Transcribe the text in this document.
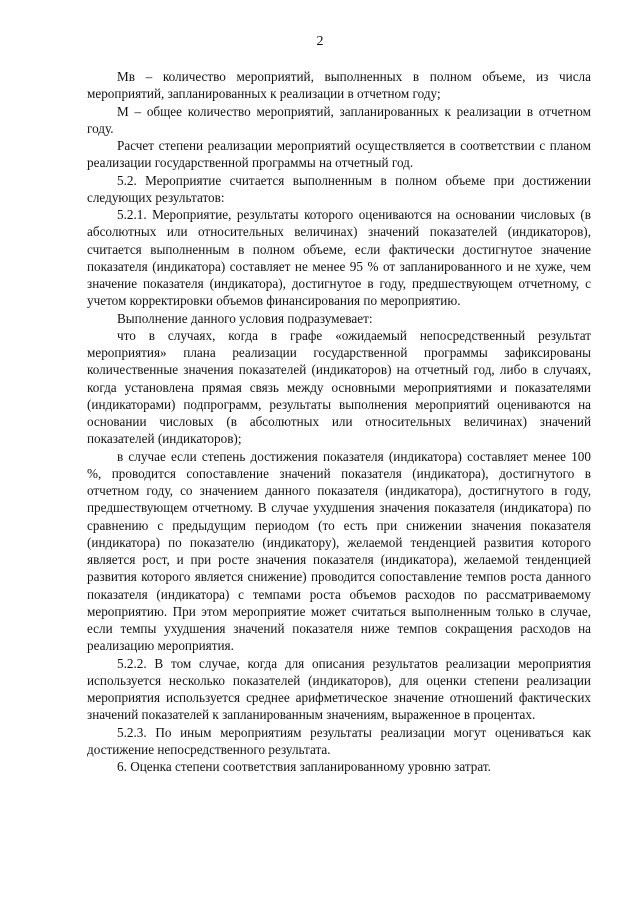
2

Мв – количество мероприятий, выполненных в полном объеме, из числа мероприятий, запланированных к реализации в отчетном году;

М – общее количество мероприятий, запланированных к реализации в отчетном году.

Расчет степени реализации мероприятий осуществляется в соответствии с планом реализации государственной программы на отчетный год.

5.2. Мероприятие считается выполненным в полном объеме при достижении следующих результатов:

5.2.1. Мероприятие, результаты которого оцениваются на основании числовых (в абсолютных или относительных величинах) значений показателей (индикаторов), считается выполненным в полном объеме, если фактически достигнутое значение показателя (индикатора) составляет не менее 95 % от запланированного и не хуже, чем значение показателя (индикатора), достигнутое в году, предшествующем отчетному, с учетом корректировки объемов финансирования по мероприятию.

Выполнение данного условия подразумевает:

что в случаях, когда в графе «ожидаемый непосредственный результат мероприятия» плана реализации государственной программы зафиксированы количественные значения показателей (индикаторов) на отчетный год, либо в случаях, когда установлена прямая связь между основными мероприятиями и показателями (индикаторами) подпрограмм, результаты выполнения мероприятий оцениваются на основании числовых (в абсолютных или относительных величинах) значений показателей (индикаторов);

в случае если степень достижения показателя (индикатора) составляет менее 100 %, проводится сопоставление значений показателя (индикатора), достигнутого в отчетном году, со значением данного показателя (индикатора), достигнутого в году, предшествующем отчетному. В случае ухудшения значения показателя (индикатора) по сравнению с предыдущим периодом (то есть при снижении значения показателя (индикатора) по показателю (индикатору), желаемой тенденцией развития которого является рост, и при росте значения показателя (индикатора), желаемой тенденцией развития которого является снижение) проводится сопоставление темпов роста данного показателя (индикатора) с темпами роста объемов расходов по рассматриваемому мероприятию. При этом мероприятие может считаться выполненным только в случае, если темпы ухудшения значений показателя ниже темпов сокращения расходов на реализацию мероприятия.

5.2.2. В том случае, когда для описания результатов реализации мероприятия используется несколько показателей (индикаторов), для оценки степени реализации мероприятия используется среднее арифметическое значение отношений фактических значений показателей к запланированным значениям, выраженное в процентах.

5.2.3. По иным мероприятиям результаты реализации могут оцениваться как достижение непосредственного результата.

6. Оценка степени соответствия запланированному уровню затрат.
